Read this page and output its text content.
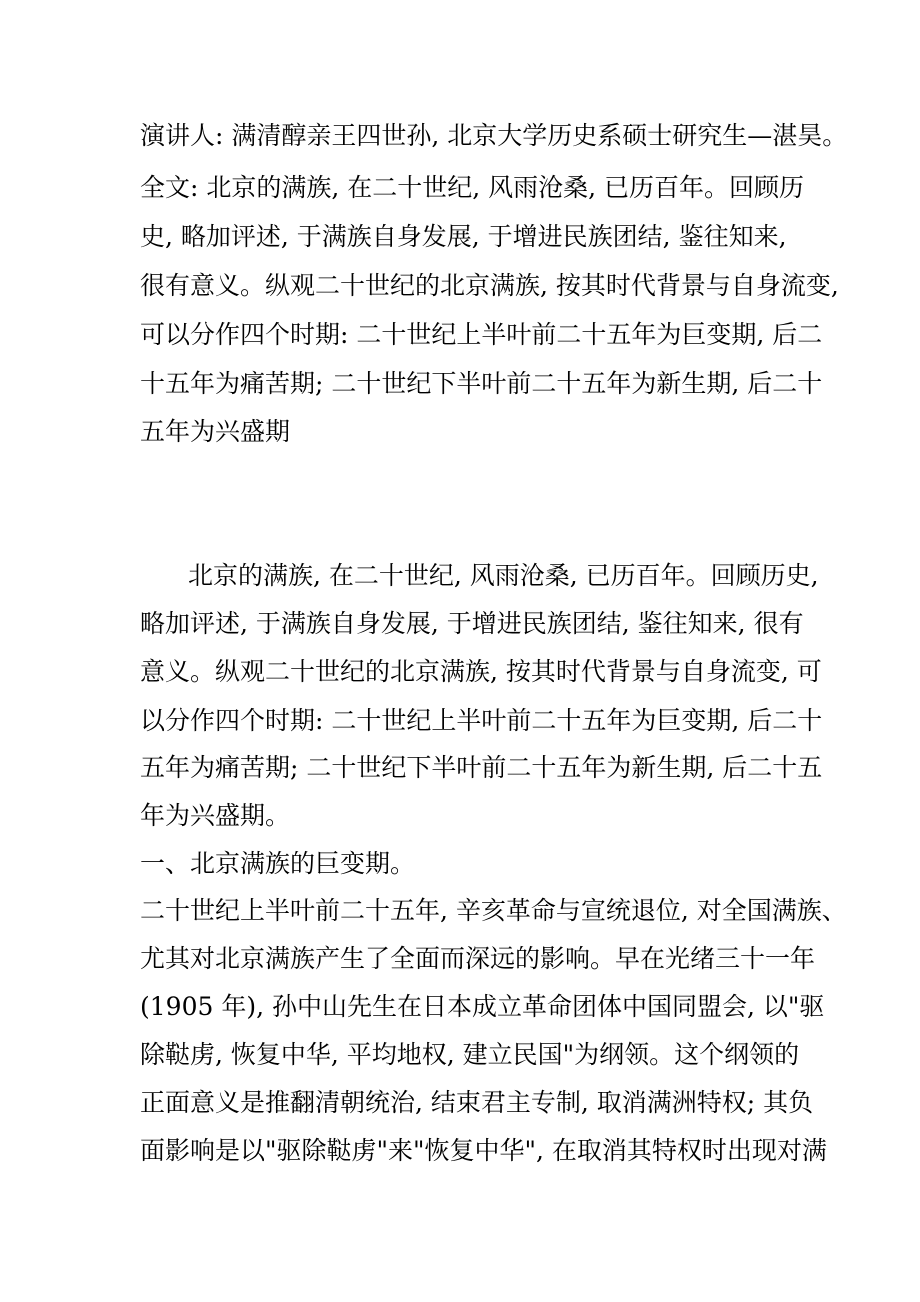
演讲人: 满清醇亲王四世孙, 北京大学历史系硕士研究生—湛昊。
全文: 北京的满族, 在二十世纪, 风雨沧桑, 已历百年。回顾历
史, 略加评述, 于满族自身发展, 于增进民族团结, 鉴往知来,
很有意义。纵观二十世纪的北京满族, 按其时代背景与自身流变,
可以分作四个时期: 二十世纪上半叶前二十五年为巨变期, 后二
十五年为痛苦期; 二十世纪下半叶前二十五年为新生期, 后二十
五年为兴盛期
北京的满族, 在二十世纪, 风雨沧桑, 已历百年。回顾历史,
略加评述, 于满族自身发展, 于增进民族团结, 鉴往知来, 很有
意义。纵观二十世纪的北京满族, 按其时代背景与自身流变, 可
以分作四个时期: 二十世纪上半叶前二十五年为巨变期, 后二十
五年为痛苦期; 二十世纪下半叶前二十五年为新生期, 后二十五
年为兴盛期。
一、北京满族的巨变期。
二十世纪上半叶前二十五年, 辛亥革命与宣统退位, 对全国满族、
尤其对北京满族产生了全面而深远的影响。早在光绪三十一年
(1905 年), 孙中山先生在日本成立革命团体中国同盟会, 以"驱
除鞑虏, 恢复中华, 平均地权, 建立民国"为纲领。这个纲领的
正面意义是推翻清朝统治, 结束君主专制, 取消满洲特权; 其负
面影响是以"驱除鞑虏"来"恢复中华", 在取消其特权时出现对满
